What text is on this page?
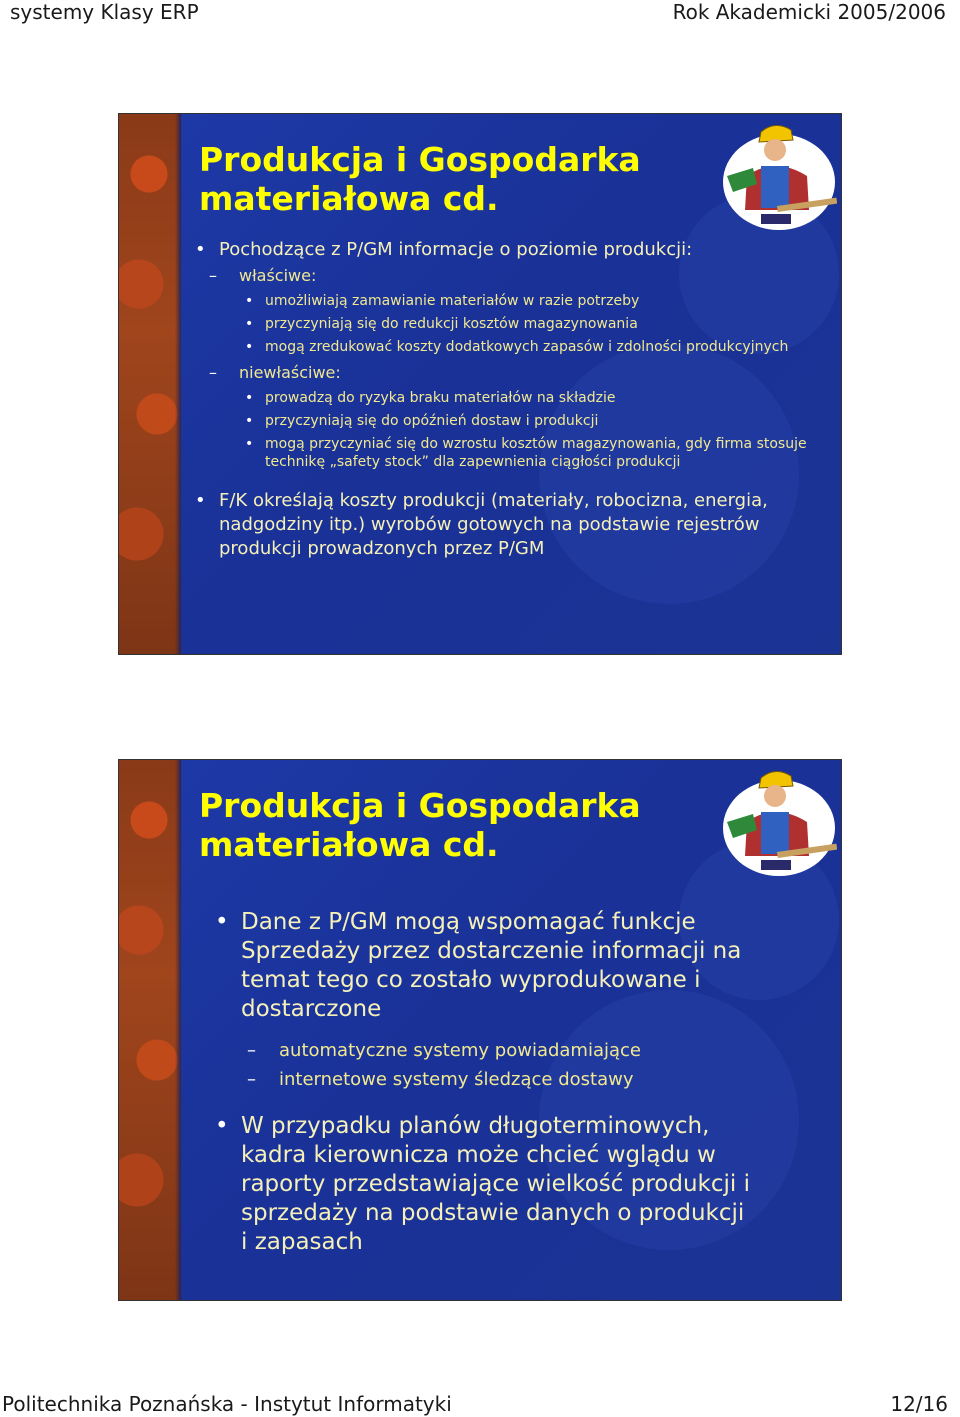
systemy Klasy ERP	Rok Akademicki 2005/2006
Produkcja i Gospodarka
materiałowa cd.
• Pochodzące z P/GM informacje o poziomie produkcji:
– właściwe:
• umożliwiają zamawianie materiałów w razie potrzeby
• przyczyniają się do redukcji kosztów magazynowania
• mogą zredukować koszty dodatkowych zapasów i zdolności produkcyjnych
– niewłaściwe:
• prowadzą do ryzyka braku materiałów na składzie
• przyczyniają się do opóźnień dostaw i produkcji
• mogą przyczyniać się do wzrostu kosztów magazynowania, gdy firma stosuje technikę „safety stock” dla zapewnienia ciągłości produkcji
• F/K określają koszty produkcji (materiały, robocizna, energia, nadgodziny itp.) wyrobów gotowych na podstawie rejestrów produkcji prowadzonych przez P/GM
Produkcja i Gospodarka
materiałowa cd.
• Dane z P/GM mogą wspomagać funkcje Sprzedaży przez dostarczenie informacji na temat tego co zostało wyprodukowane i dostarczone
– automatyczne systemy powiadamiające
– internetowe systemy śledzące dostawy
• W przypadku planów długoterminowych, kadra kierownicza może chcieć wglądu w raporty przedstawiające wielkość produkcji i sprzedaży na podstawie danych o produkcji i zapasach
Politechnika Poznańska - Instytut Informatyki	12/16
